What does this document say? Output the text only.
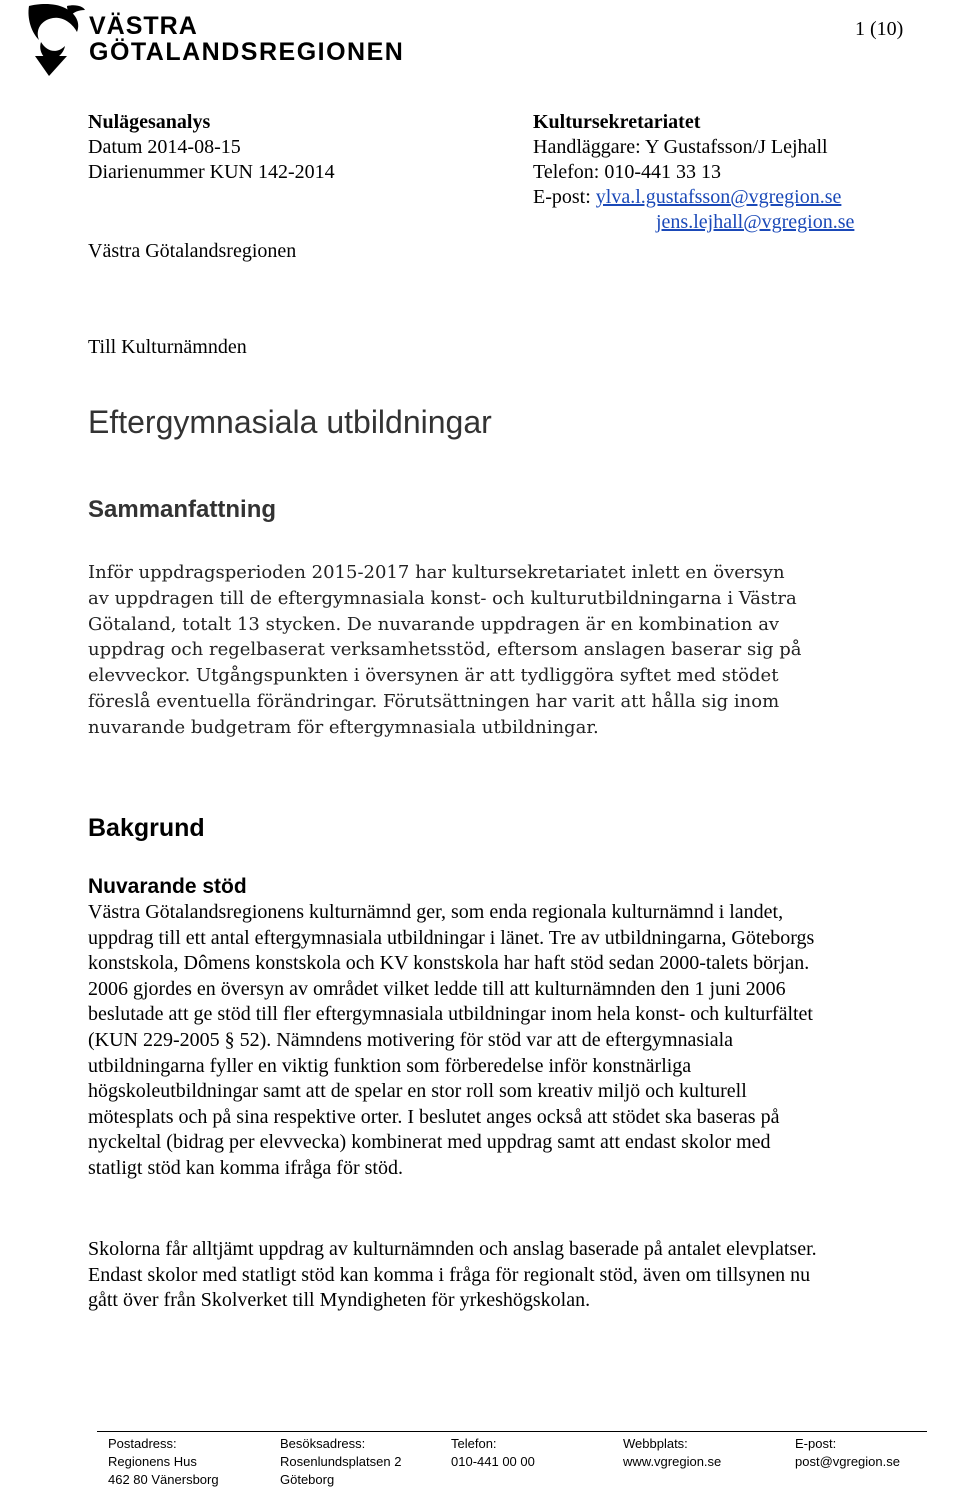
VÄSTRA
GÖTALANDSREGIONEN
1 (10)
Nulägesanalys
Datum 2014-08-15
Diarienummer KUN 142-2014
Västra Götalandsregionen
Kultursekretariatet
Handläggare: Y Gustafsson/J Lejhall
Telefon: 010-441 33 13
E-post: ylva.l.gustafsson@vgregion.se
jens.lejhall@vgregion.se
Till Kulturnämnden
Eftergymnasiala utbildningar
Sammanfattning
Inför uppdragsperioden 2015-2017 har kultursekretariatet inlett en översyn av uppdragen till de eftergymnasiala konst- och kulturutbildningarna i Västra Götaland, totalt 13 stycken. De nuvarande uppdragen är en kombination av uppdrag och regelbaserat verksamhetsstöd, eftersom anslagen baserar sig på elevveckor. Utgångspunkten i översynen är att tydliggöra syftet med stödet föreslå eventuella förändringar. Förutsättningen har varit att hålla sig inom nuvarande budgetram för eftergymnasiala utbildningar.
Bakgrund
Nuvarande stöd
Västra Götalandsregionens kulturnämnd ger, som enda regionala kulturnämnd i landet, uppdrag till ett antal eftergymnasiala utbildningar i länet. Tre av utbildningarna, Göteborgs konstskola, Dômens konstskola och KV konstskola har haft stöd sedan 2000-talets början. 2006 gjordes en översyn av området vilket ledde till att kulturnämnden den 1 juni 2006 beslutade att ge stöd till fler eftergymnasiala utbildningar inom hela konst- och kulturfältet (KUN 229-2005 § 52). Nämndens motivering för stöd var att de eftergymnasiala utbildningarna fyller en viktig funktion som förberedelse inför konstnärliga högskoleutbildningar samt att de spelar en stor roll som kreativ miljö och kulturell mötesplats och på sina respektive orter. I beslutet anges också att stödet ska baseras på nyckeltal (bidrag per elevvecka) kombinerat med uppdrag samt att endast skolor med statligt stöd kan komma ifråga för stöd.
Skolorna får alltjämt uppdrag av kulturnämnden och anslag baserade på antalet elevplatser. Endast skolor med statligt stöd kan komma i fråga för regionalt stöd, även om tillsynen nu gått över från Skolverket till Myndigheten för yrkeshögskolan.
Postadress:
Regionens Hus
462 80 Vänersborg
Besöksadress:
Rosenlundsplatsen 2
Göteborg
Telefon:
010-441 00 00
Webbplats:
www.vgregion.se
E-post:
post@vgregion.se
